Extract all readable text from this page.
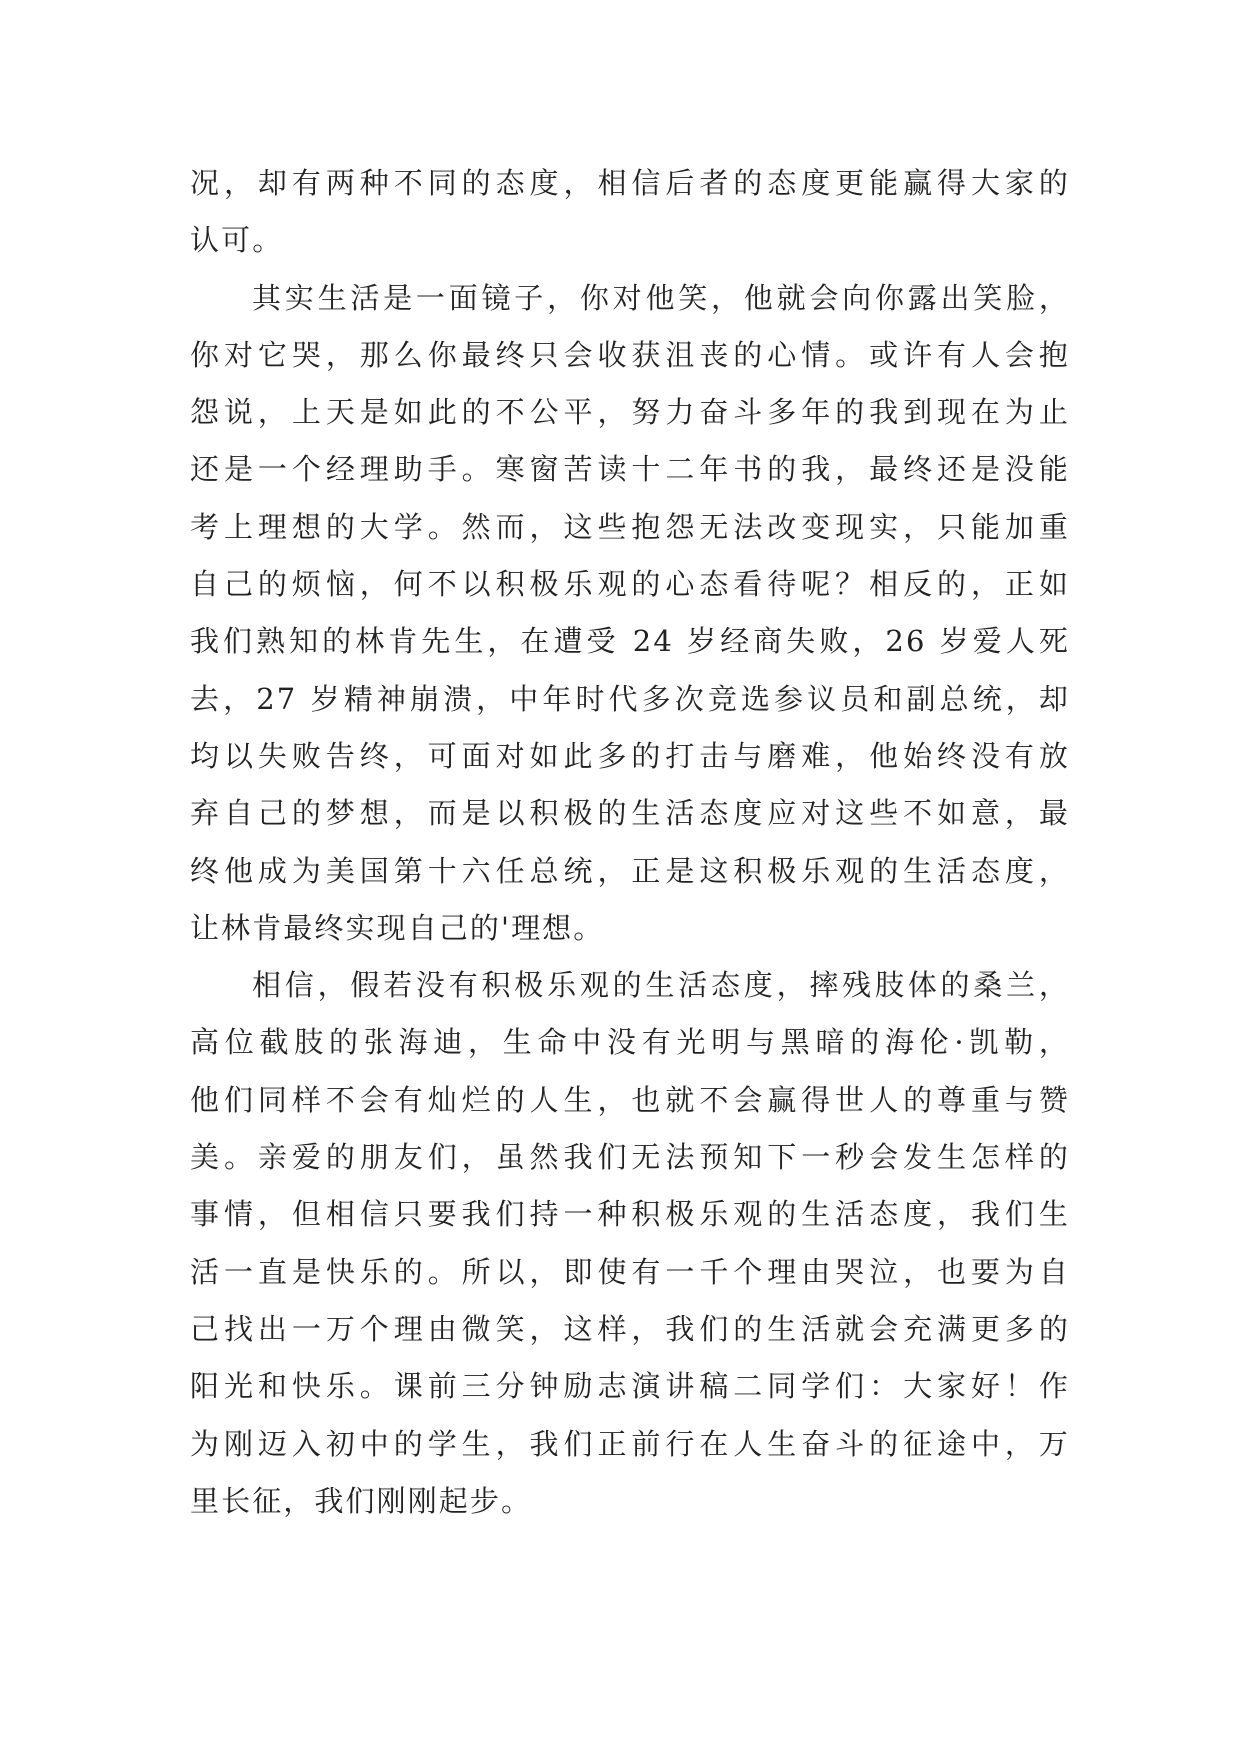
况，却有两种不同的态度，相信后者的态度更能赢得大家的
认可。
其实生活是一面镜子，你对他笑，他就会向你露出笑脸，
你对它哭，那么你最终只会收获沮丧的心情。或许有人会抱
怨说，上天是如此的不公平，努力奋斗多年的我到现在为止
还是一个经理助手。寒窗苦读十二年书的我，最终还是没能
考上理想的大学。然而，这些抱怨无法改变现实，只能加重
自己的烦恼，何不以积极乐观的心态看待呢？相反的，正如
我们熟知的林肯先生，在遭受 24 岁经商失败，26 岁爱人死
去，27 岁精神崩溃，中年时代多次竞选参议员和副总统，却
均以失败告终，可面对如此多的打击与磨难，他始终没有放
弃自己的梦想，而是以积极的生活态度应对这些不如意，最
终他成为美国第十六任总统，正是这积极乐观的生活态度，
让林肯最终实现自己的'理想。
相信，假若没有积极乐观的生活态度，摔残肢体的桑兰，
高位截肢的张海迪，生命中没有光明与黑暗的海伦·凯勒，
他们同样不会有灿烂的人生，也就不会赢得世人的尊重与赞
美。亲爱的朋友们，虽然我们无法预知下一秒会发生怎样的
事情，但相信只要我们持一种积极乐观的生活态度，我们生
活一直是快乐的。所以，即使有一千个理由哭泣，也要为自
己找出一万个理由微笑，这样，我们的生活就会充满更多的
阳光和快乐。课前三分钟励志演讲稿二同学们：大家好！作
为刚迈入初中的学生，我们正前行在人生奋斗的征途中，万
里长征，我们刚刚起步。
